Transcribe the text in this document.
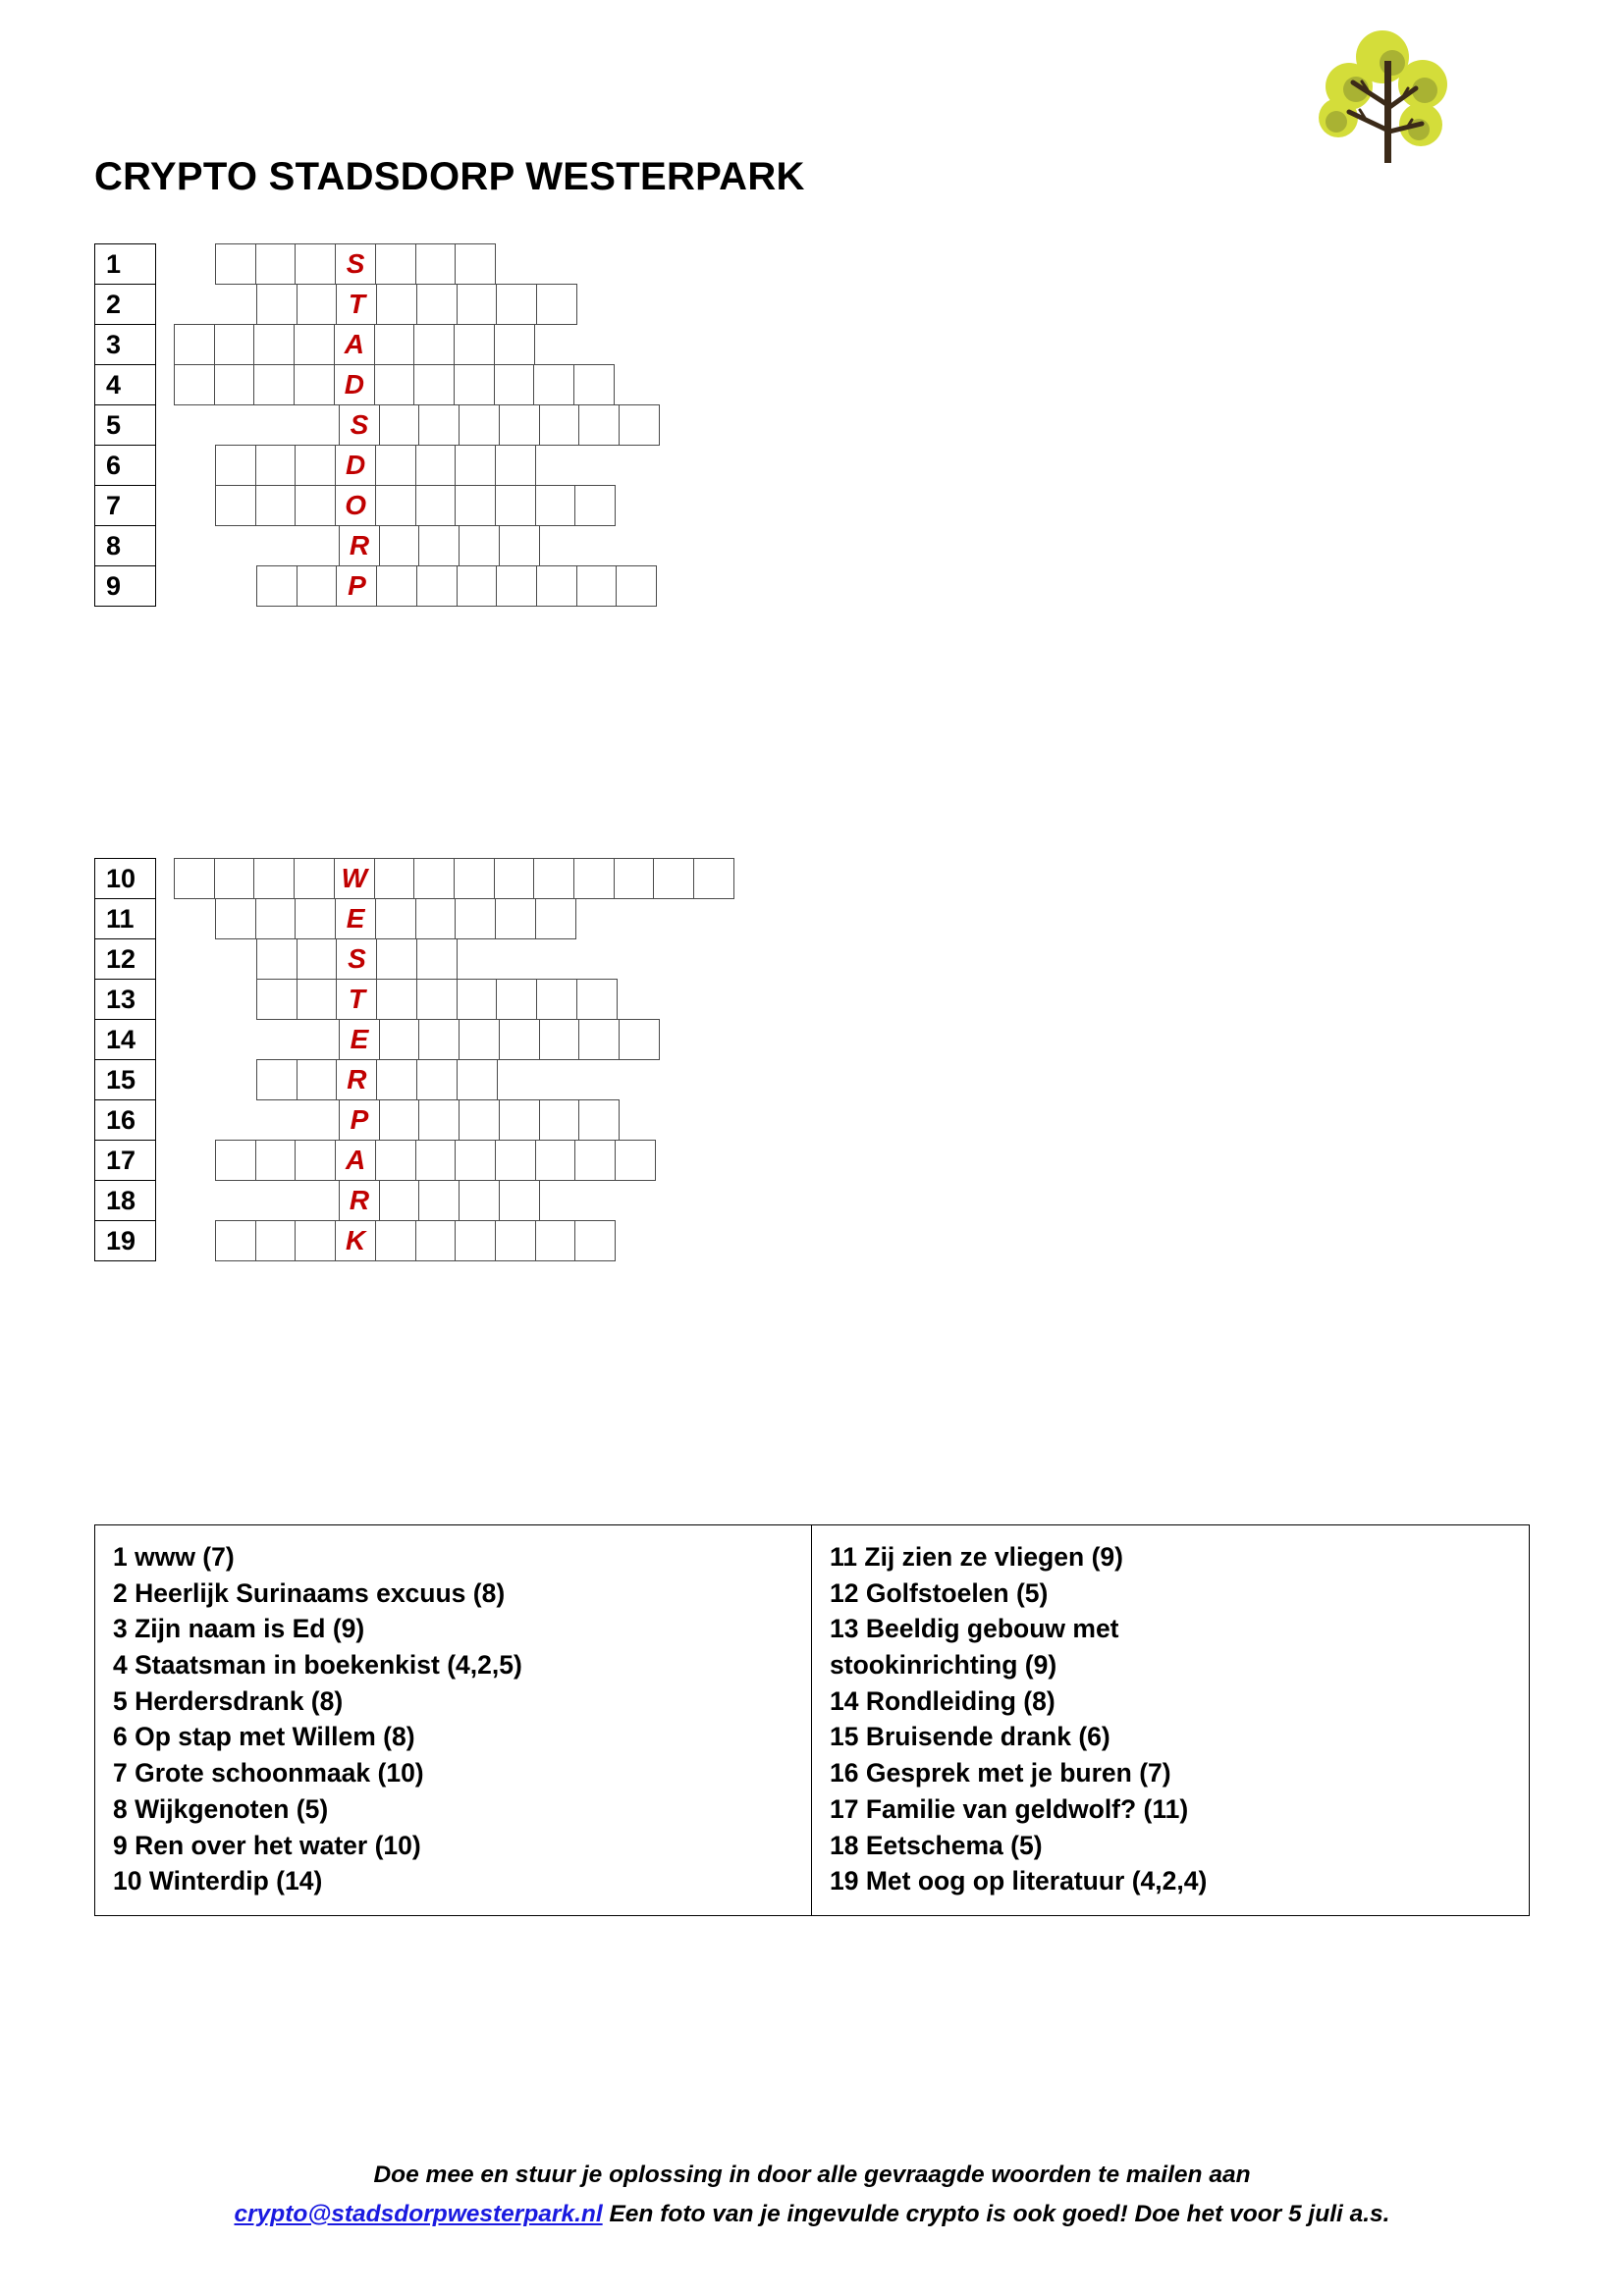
CRYPTO STADSDORP WESTERPARK
1	S
2	T
3	A
4	D
5	S
6	D
7	O
8	R
9	P
10	W
11	E
12	S
13	T
14	E
15	R
16	P
17	A
18	R
19	K
1 www (7)
2 Heerlijk Surinaams excuus (8)
3 Zijn naam is Ed (9)
4 Staatsman in boekenkist (4,2,5)
5 Herdersdrank (8)
6 Op stap met Willem (8)
7 Grote schoonmaak (10)
8 Wijkgenoten (5)
9 Ren over het water (10)
10 Winterdip (14)
11 Zij zien ze vliegen (9)
12 Golfstoelen (5)
13 Beeldig gebouw met
stookinrichting (9)
14 Rondleiding (8)
15 Bruisende drank (6)
16 Gesprek met je buren (7)
17 Familie van geldwolf? (11)
18 Eetschema (5)
19 Met oog op literatuur (4,2,4)
Doe mee en stuur je oplossing in door alle gevraagde woorden te mailen aan
crypto@stadsdorpwesterpark.nl Een foto van je ingevulde crypto is ook goed! Doe het voor 5 juli a.s.
